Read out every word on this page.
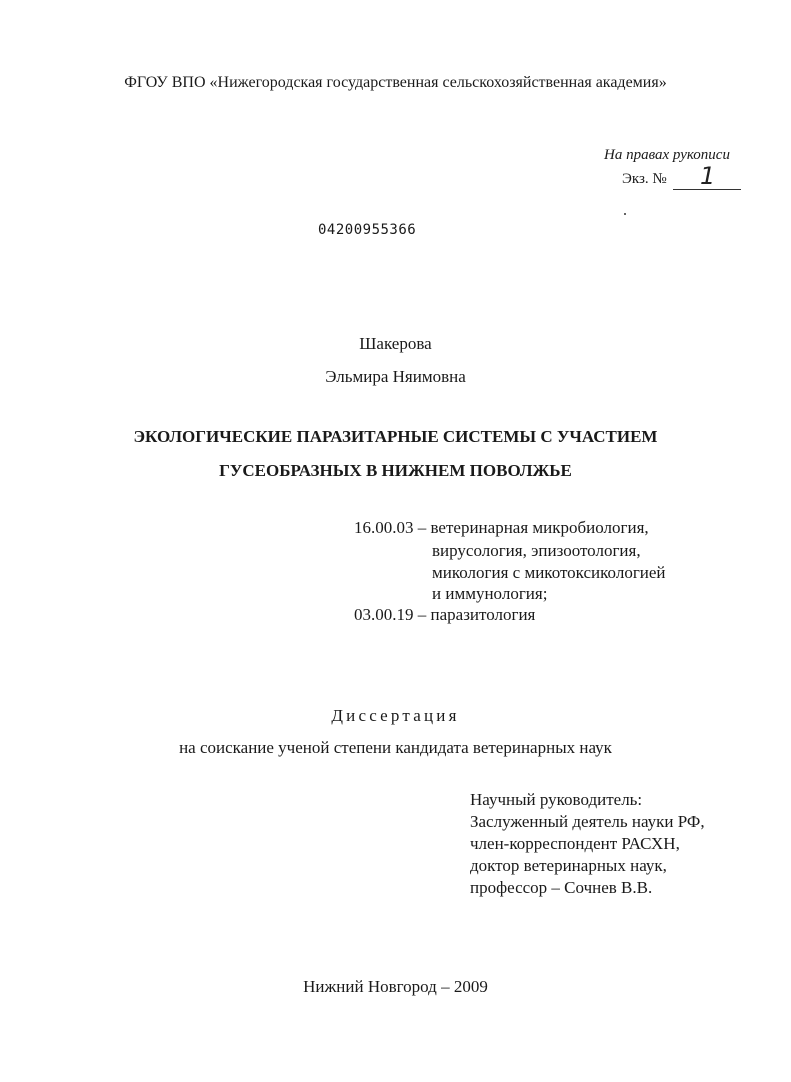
ФГОУ ВПО «Нижегородская государственная сельскохозяйственная академия»
На правах рукописи
Экз. № 1
04200955366
Шакерова
Эльмира Няимовна
ЭКОЛОГИЧЕСКИЕ ПАРАЗИТАРНЫЕ СИСТЕМЫ С УЧАСТИЕМ
ГУСЕОБРАЗНЫХ В НИЖНЕМ ПОВОЛЖЬЕ
16.00.03 – ветеринарная микробиология,
вирусология, эпизоотология,
микология с микотоксикологией
и иммунология;
03.00.19 – паразитология
Диссертация
на соискание ученой степени кандидата ветеринарных наук
Научный руководитель:
Заслуженный деятель науки РФ,
член-корреспондент РАСХН,
доктор ветеринарных наук,
профессор – Сочнев В.В.
Нижний Новгород – 2009
